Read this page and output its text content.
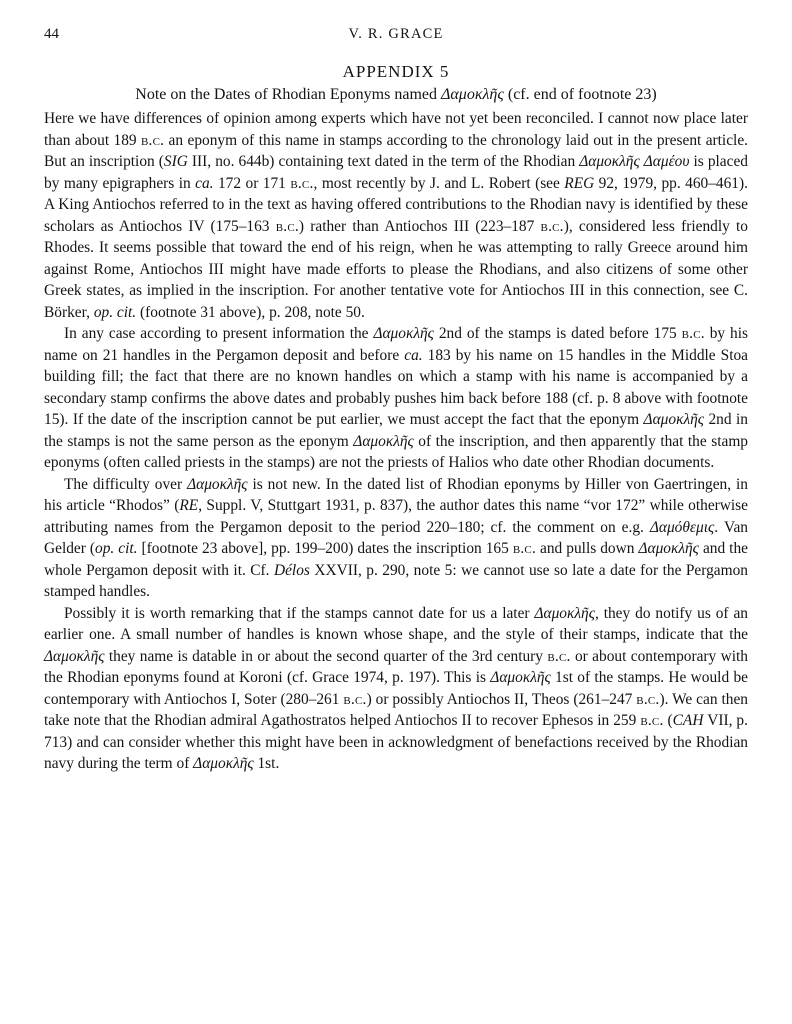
44	V. R. GRACE
APPENDIX 5
Note on the Dates of Rhodian Eponyms named Δαμοκλῆς (cf. end of footnote 23)

Here we have differences of opinion among experts which have not yet been reconciled. I cannot now place later than about 189 b.c. an eponym of this name in stamps according to the chronology laid out in the present article. But an inscription (SIG III, no. 644b) containing text dated in the term of the Rhodian Δαμοκλῆς Δαμέου is placed by many epigraphers in ca. 172 or 171 b.c., most recently by J. and L. Robert (see REG 92, 1979, pp. 460–461). A King Antiochos referred to in the text as having offered contributions to the Rhodian navy is identified by these scholars as Antiochos IV (175–163 b.c.) rather than Antiochos III (223–187 b.c.), considered less friendly to Rhodes. It seems possible that toward the end of his reign, when he was attempting to rally Greece around him against Rome, Antiochos III might have made efforts to please the Rhodians, and also citizens of some other Greek states, as implied in the inscription. For another tentative vote for Antiochos III in this connection, see C. Börker, op. cit. (footnote 31 above), p. 208, note 50.

In any case according to present information the Δαμοκλῆς 2nd of the stamps is dated before 175 b.c. by his name on 21 handles in the Pergamon deposit and before ca. 183 by his name on 15 handles in the Middle Stoa building fill; the fact that there are no known handles on which a stamp with his name is accompanied by a secondary stamp confirms the above dates and probably pushes him back before 188 (cf. p. 8 above with footnote 15). If the date of the inscription cannot be put earlier, we must accept the fact that the eponym Δαμοκλῆς 2nd in the stamps is not the same person as the eponym Δαμοκλῆς of the inscription, and then apparently that the stamp eponyms (often called priests in the stamps) are not the priests of Halios who date other Rhodian documents.

The difficulty over Δαμοκλῆς is not new. In the dated list of Rhodian eponyms by Hiller von Gaertringen, in his article “Rhodos” (RE, Suppl. V, Stuttgart 1931, p. 837), the author dates this name “vor 172” while otherwise attributing names from the Pergamon deposit to the period 220–180; cf. the comment on e.g. Δαμόθεμις. Van Gelder (op. cit. [footnote 23 above], pp. 199–200) dates the inscription 165 b.c. and pulls down Δαμοκλῆς and the whole Pergamon deposit with it. Cf. Délos XXVII, p. 290, note 5: we cannot use so late a date for the Pergamon stamped handles.

Possibly it is worth remarking that if the stamps cannot date for us a later Δαμοκλῆς, they do notify us of an earlier one. A small number of handles is known whose shape, and the style of their stamps, indicate that the Δαμοκλῆς they name is datable in or about the second quarter of the 3rd century b.c. or about contemporary with the Rhodian eponyms found at Koroni (cf. Grace 1974, p. 197). This is Δαμοκλῆς 1st of the stamps. He would be contemporary with Antiochos I, Soter (280–261 b.c.) or possibly Antiochos II, Theos (261–247 b.c.). We can then take note that the Rhodian admiral Agathostratos helped Antiochos II to recover Ephesos in 259 b.c. (CAH VII, p. 713) and can consider whether this might have been in acknowledgment of benefactions received by the Rhodian navy during the term of Δαμοκλῆς 1st.
